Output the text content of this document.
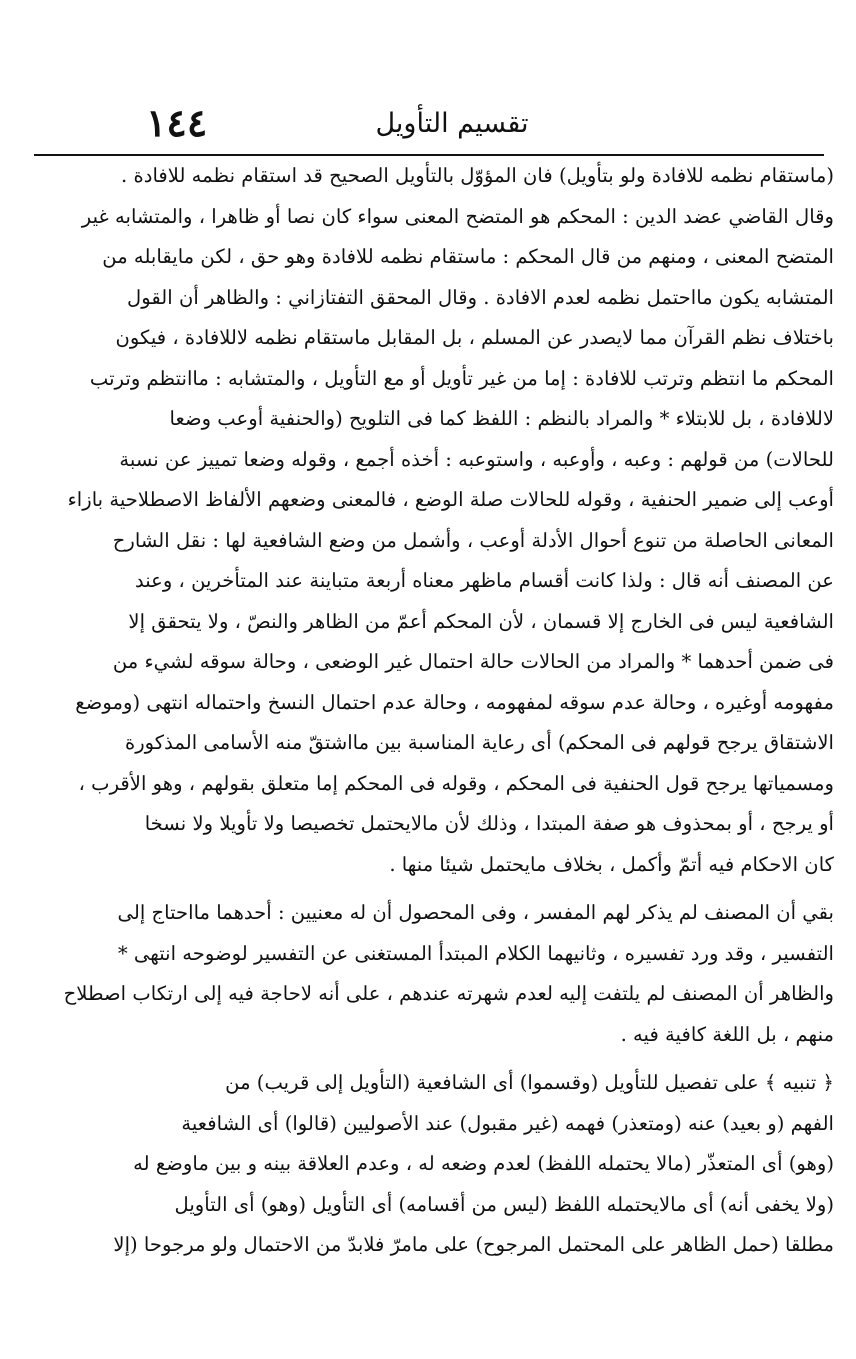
١٤٤	تقسيم التأويل
(ماستقام نظمه للافادة ولو بتأويل) فان المؤوّل بالتأويل الصحيح قد استقام نظمه للافادة .
وقال القاضي عضد الدين : المحكم هو المتضح المعنى سواء كان نصا أو ظاهرا ، والمتشابه غير
المتضح المعنى ، ومنهم من قال المحكم : ماستقام نظمه للافادة وهو حق ، لكن مايقابله من
المتشابه يكون مااحتمل نظمه لعدم الافادة . وقال المحقق التفتازاني : والظاهر أن القول
باختلاف نظم القرآن مما لايصدر عن المسلم ، بل المقابل ماستقام نظمه لاللافادة ، فيكون
المحكم ما انتظم وترتب للافادة : إما من غير تأويل أو مع التأويل ، والمتشابه : ماانتظم وترتب
لاللافادة ، بل للابتلاء * والمراد بالنظم : اللفظ كما فى التلويح (والحنفية أوعب وضعا
للحالات) من قولهم : وعبه ، وأوعبه ، واستوعبه : أخذه أجمع ، وقوله وضعا تمييز عن نسبة
أوعب إلى ضمير الحنفية ، وقوله للحالات صلة الوضع ، فالمعنى وضعهم الألفاظ الاصطلاحية بازاء
المعانى الحاصلة من تنوع أحوال الأدلة أوعب ، وأشمل من وضع الشافعية لها : نقل الشارح
عن المصنف أنه قال : ولذا كانت أقسام ماظهر معناه أربعة متباينة عند المتأخرين ، وعند
الشافعية ليس فى الخارج إلا قسمان ، لأن المحكم أعمّ من الظاهر والنصّ ، ولا يتحقق إلا
فى ضمن أحدهما * والمراد من الحالات حالة احتمال غير الوضعى ، وحالة سوقه لشيء من
مفهومه أوغيره ، وحالة عدم سوقه لمفهومه ، وحالة عدم احتمال النسخ واحتماله انتهى (وموضع
الاشتقاق يرجح قولهم فى المحكم) أى رعاية المناسبة بين مااشتقّ منه الأسامى المذكورة
ومسمياتها يرجح قول الحنفية فى المحكم ، وقوله فى المحكم إما متعلق بقولهم ، وهو الأقرب ،
أو يرجح ، أو بمحذوف هو صفة المبتدا ، وذلك لأن مالايحتمل تخصيصا ولا تأويلا ولا نسخا
كان الاحكام فيه أتمّ وأكمل ، بخلاف مايحتمل شيئا منها .
بقي أن المصنف لم يذكر لهم المفسر ، وفى المحصول أن له معنيين : أحدهما مااحتاج إلى
التفسير ، وقد ورد تفسيره ، وثانيهما الكلام المبتدأ المستغنى عن التفسير لوضوحه انتهى *
والظاهر أن المصنف لم يلتفت إليه لعدم شهرته عندهم ، على أنه لاحاجة فيه إلى ارتكاب اصطلاح
منهم ، بل اللغة كافية فيه .
﴿ تنبيه ﴾ على تفصيل للتأويل (وقسموا) أى الشافعية (التأويل إلى قريب) من
الفهم (و بعيد) عنه (ومتعذر) فهمه (غير مقبول) عند الأصوليين (قالوا) أى الشافعية
(وهو) أى المتعذّر (مالا يحتمله اللفظ) لعدم وضعه له ، وعدم العلاقة بينه و بين ماوضع له
(ولا يخفى أنه) أى مالايحتمله اللفظ (ليس من أقسامه) أى التأويل (وهو) أى التأويل
مطلقا (حمل الظاهر على المحتمل المرجوح) على مامرّ فلابدّ من الاحتمال ولو مرجوحا (إلا
